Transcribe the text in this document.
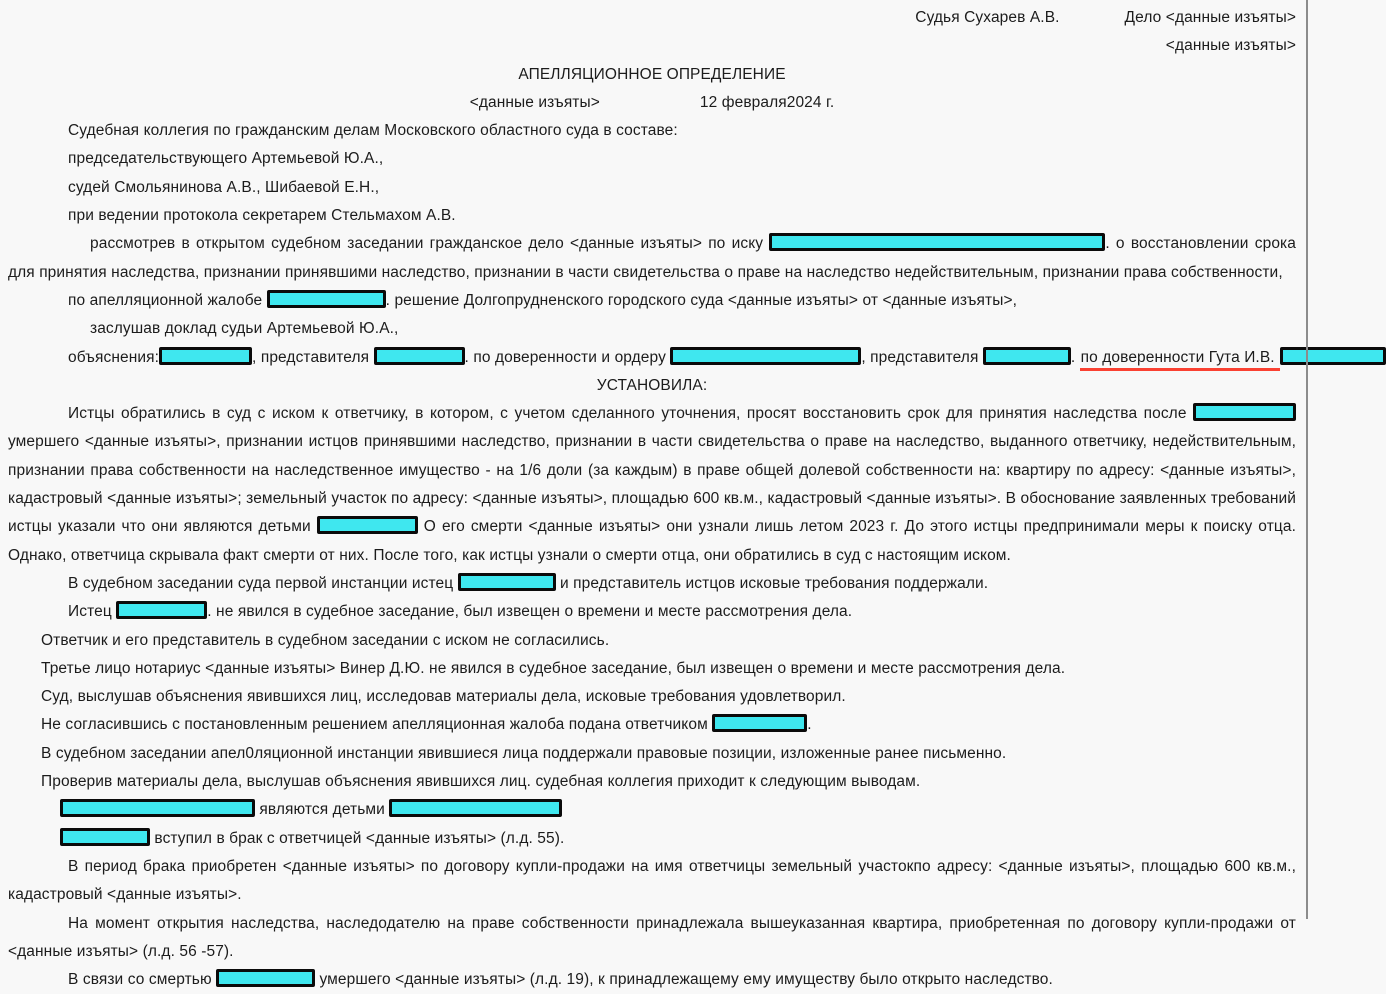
Судья Сухарев А.В.	Дело <данные изъяты>
<данные изъяты>
АПЕЛЛЯЦИОННОЕ ОПРЕДЕЛЕНИЕ
<данные изъяты>	12 февраля2024 г.
Судебная коллегия по гражданским делам Московского областного суда в составе:
председательствующего Артемьевой Ю.А.,
судей Смольянинова А.В., Шибаевой Е.Н.,
при ведении протокола секретарем Стельмахом А.В.
рассмотрев в открытом судебном заседании гражданское дело <данные изъяты> по иску	. о восстановлении срока для принятия наследства, признании принявшими наследство, признании в части свидетельства о праве на наследство недействительным, признании права собственности,
по апелляционной жалобе	. решение Долгопрудненского городского суда <данные изъяты> от <данные изъяты>,
заслушав доклад судьи Артемьевой Ю.А.,
объяснения:	, представителя	. по доверенности и ордеру	, представителя	. по доверенности Гута И.В.
УСТАНОВИЛА:
Истцы обратились в суд с иском к ответчику, в котором, с учетом сделанного уточнения, просят восстановить срок для принятия наследства после  умершего <данные изъяты>, признании истцов принявшими наследство, признании в части свидетельства о праве на наследство, выданного ответчику, недействительным, признании права собственности на наследственное имущество - на 1/6 доли (за каждым) в праве общей долевой собственности на: квартиру по адресу: <данные изъяты>, кадастровый <данные изъяты>; земельный участок по адресу: <данные изъяты>, площадью 600 кв.м., кадастровый <данные изъяты>. В обоснование заявленных требований истцы указали что они являются детьми	О его смерти <данные изъяты> они узнали лишь летом 2023 г. До этого истцы предпринимали меры к поиску отца. Однако, ответчица скрывала факт смерти от них. После того, как истцы узнали о смерти отца, они обратились в суд с настоящим иском.
В судебном заседании суда первой инстанции истец	и представитель истцов исковые требования поддержали.
Истец	. не явился в судебное заседание, был извещен о времени и месте рассмотрения дела.
Ответчик и его представитель в судебном заседании с иском не согласились.
Третье лицо нотариус <данные изъяты> Винер Д.Ю. не явился в судебное заседание, был извещен о времени и месте рассмотрения дела.
Суд, выслушав объяснения явившихся лиц, исследовав материалы дела, исковые требования удовлетворил.
Не согласившись с постановленным решением апелляционная жалоба подана ответчиком	.
В судебном заседании апел0ляционной инстанции явившиеся лица поддержали правовые позиции, изложенные ранее письменно.
Проверив материалы дела, выслушав объяснения явившихся лиц. судебная коллегия приходит к следующим выводам.
являются детьми
вступил в брак с ответчицей <данные изъяты> (л.д. 55).
В период брака приобретен <данные изъяты> по договору купли-продажи на имя ответчицы земельный участокпо адресу: <данные изъяты>, площадью 600 кв.м., кадастровый <данные изъяты>.
На момент открытия наследства, наследодателю на праве собственности принадлежала вышеуказанная квартира, приобретенная по договору купли-продажи от <данные изъяты> (л.д. 56 -57).
В связи со смертью	умершего <данные изъяты> (л.д. 19), к принадлежащему ему имуществу было открыто наследство.
